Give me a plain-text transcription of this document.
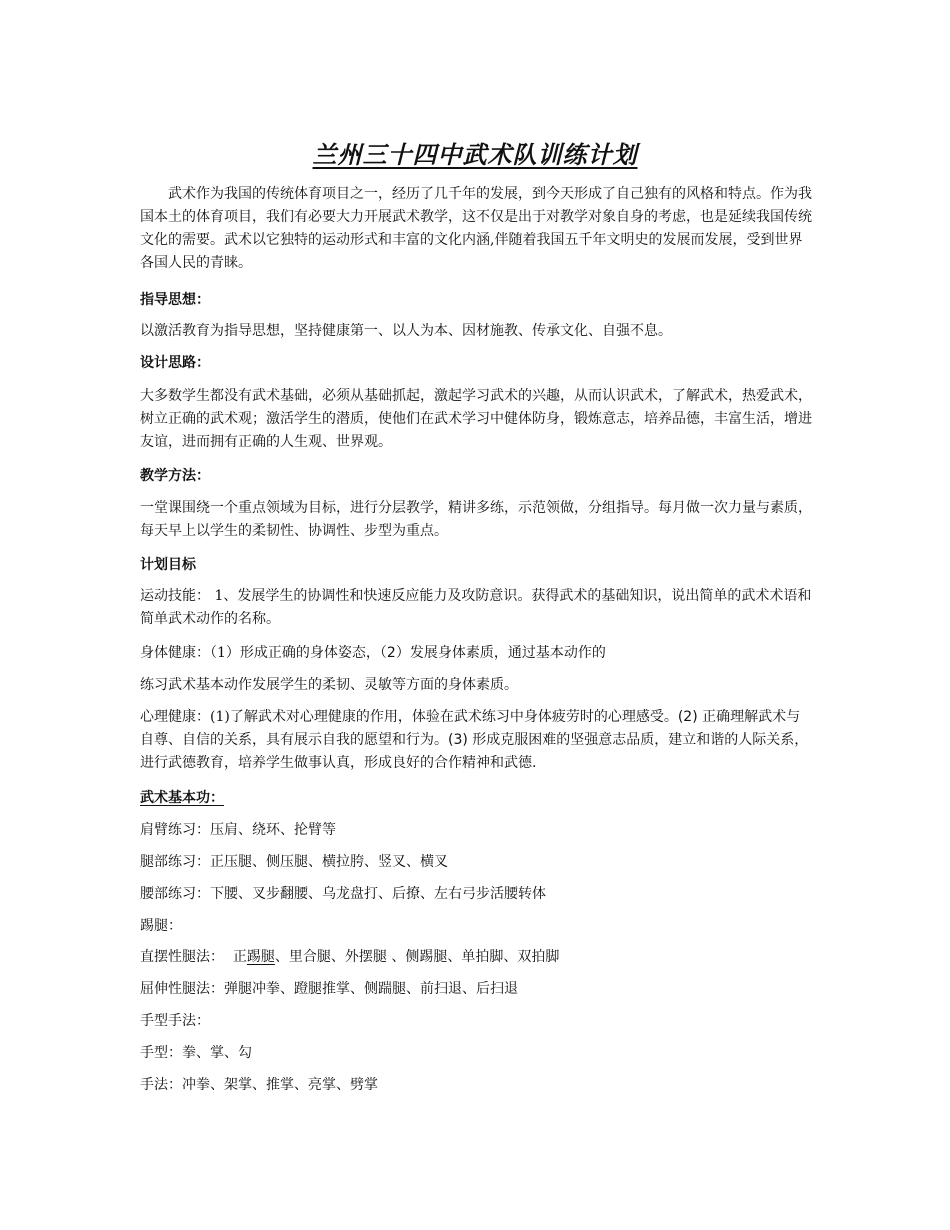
兰州三十四中武术队训练计划
武术作为我国的传统体育项目之一，经历了几千年的发展，到今天形成了自己独有的风格和特点。作为我国本土的体育项目，我们有必要大力开展武术教学，这不仅是出于对教学对象自身的考虑，也是延续我国传统文化的需要。武术以它独特的运动形式和丰富的文化内涵,伴随着我国五千年文明史的发展而发展，受到世界各国人民的青睐。
指导思想：
以激活教育为指导思想，坚持健康第一、以人为本、因材施教、传承文化、自强不息。
设计思路：
大多数学生都没有武术基础，必须从基础抓起，激起学习武术的兴趣，从而认识武术，了解武术，热爱武术，树立正确的武术观；激活学生的潜质，使他们在武术学习中健体防身，锻炼意志，培养品德，丰富生活，增进友谊，进而拥有正确的人生观、世界观。
教学方法：
一堂课围绕一个重点领域为目标，进行分层教学，精讲多练，示范领做，分组指导。每月做一次力量与素质，每天早上以学生的柔韧性、协调性、步型为重点。
计划目标
运动技能： 1、发展学生的协调性和快速反应能力及攻防意识。获得武术的基础知识，说出简单的武术术语和简单武术动作的名称。
身体健康：（1）形成正确的身体姿态，（2）发展身体素质，通过基本动作的
练习武术基本动作发展学生的柔韧、灵敏等方面的身体素质。
心理健康：(1)了解武术对心理健康的作用，体验在武术练习中身体疲劳时的心理感受。(2) 正确理解武术与自尊、自信的关系，具有展示自我的愿望和行为。(3) 形成克服困难的坚强意志品质，建立和谐的人际关系，进行武德教育，培养学生做事认真，形成良好的合作精神和武德.
武术基本功：
肩臂练习：压肩、绕环、抡臂等
腿部练习：正压腿、侧压腿、横拉胯、竖叉、横叉
腰部练习：下腰、叉步翻腰、乌龙盘打、后撩、左右弓步活腰转体
踢腿：
直摆性腿法：  正踢腿、里合腿、外摆腿 、侧踢腿、单拍脚、双拍脚
屈伸性腿法：弹腿冲拳、蹬腿推掌、侧踹腿、前扫退、后扫退
手型手法：
手型：拳、掌、勾
手法：冲拳、架掌、推掌、亮掌、劈掌
